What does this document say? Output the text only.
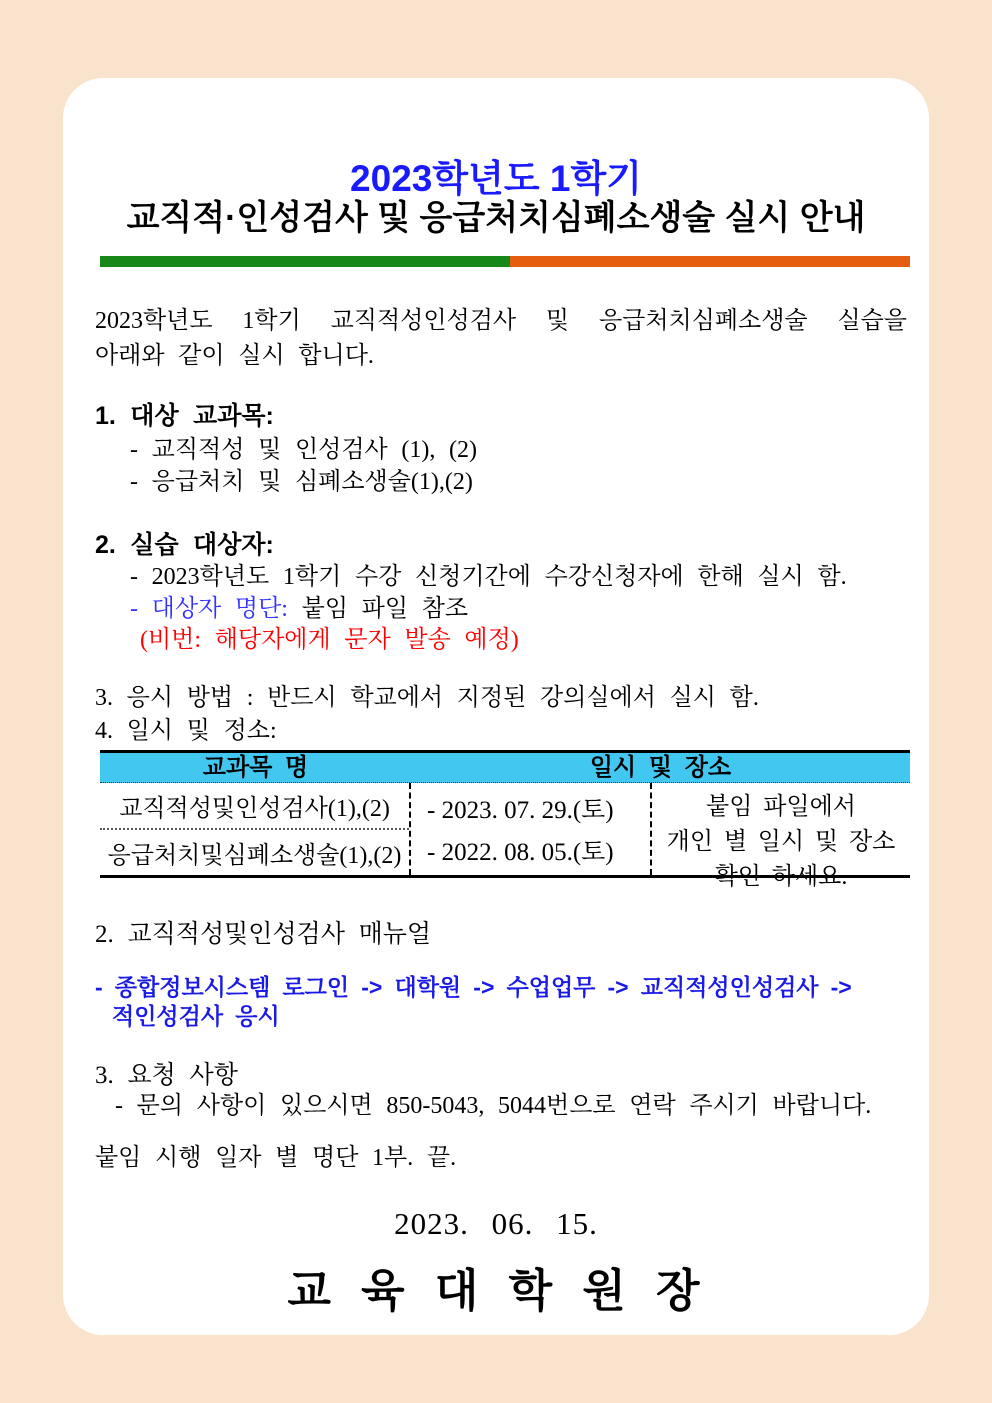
2023학년도 1학기
교직적·인성검사 및 응급처치심폐소생술 실시 안내
2023학년도 1학기 교직적성인성검사 및 응급처치심폐소생술 실습을
아래와 같이 실시 합니다.
1. 대상 교과목:
- 교직적성 및 인성검사 (1), (2)
- 응급처치 및 심폐소생술(1),(2)
2. 실습 대상자:
- 2023학년도 1학기 수강 신청기간에 수강신청자에 한해 실시 함.
- 대상자 명단: 붙임 파일 참조
(비번: 해당자에게 문자 발송 예정)
3. 응시 방법 : 반드시 학교에서 지정된 강의실에서 실시 함.
4. 일시 및 정소:
교과목 명	일시 및 장소
교직적성및인성검사(1),(2)
응급처치및심폐소생술(1),(2)
- 2023. 07. 29.(토)
- 2022. 08. 05.(토)
붙임 파일에서
개인 별 일시 및 장소
확인 하세요.
2. 교직적성및인성검사 매뉴얼
- 종합정보시스템 로그인 -> 대학원 -> 수업업무 -> 교직적성인성검사 ->
적인성검사 응시
3. 요청 사항
- 문의 사항이 있으시면 850-5043, 5044번으로 연락 주시기 바랍니다.
붙임 시행 일자 별 명단 1부. 끝.
2023. 06. 15.
교 육 대 학 원 장
